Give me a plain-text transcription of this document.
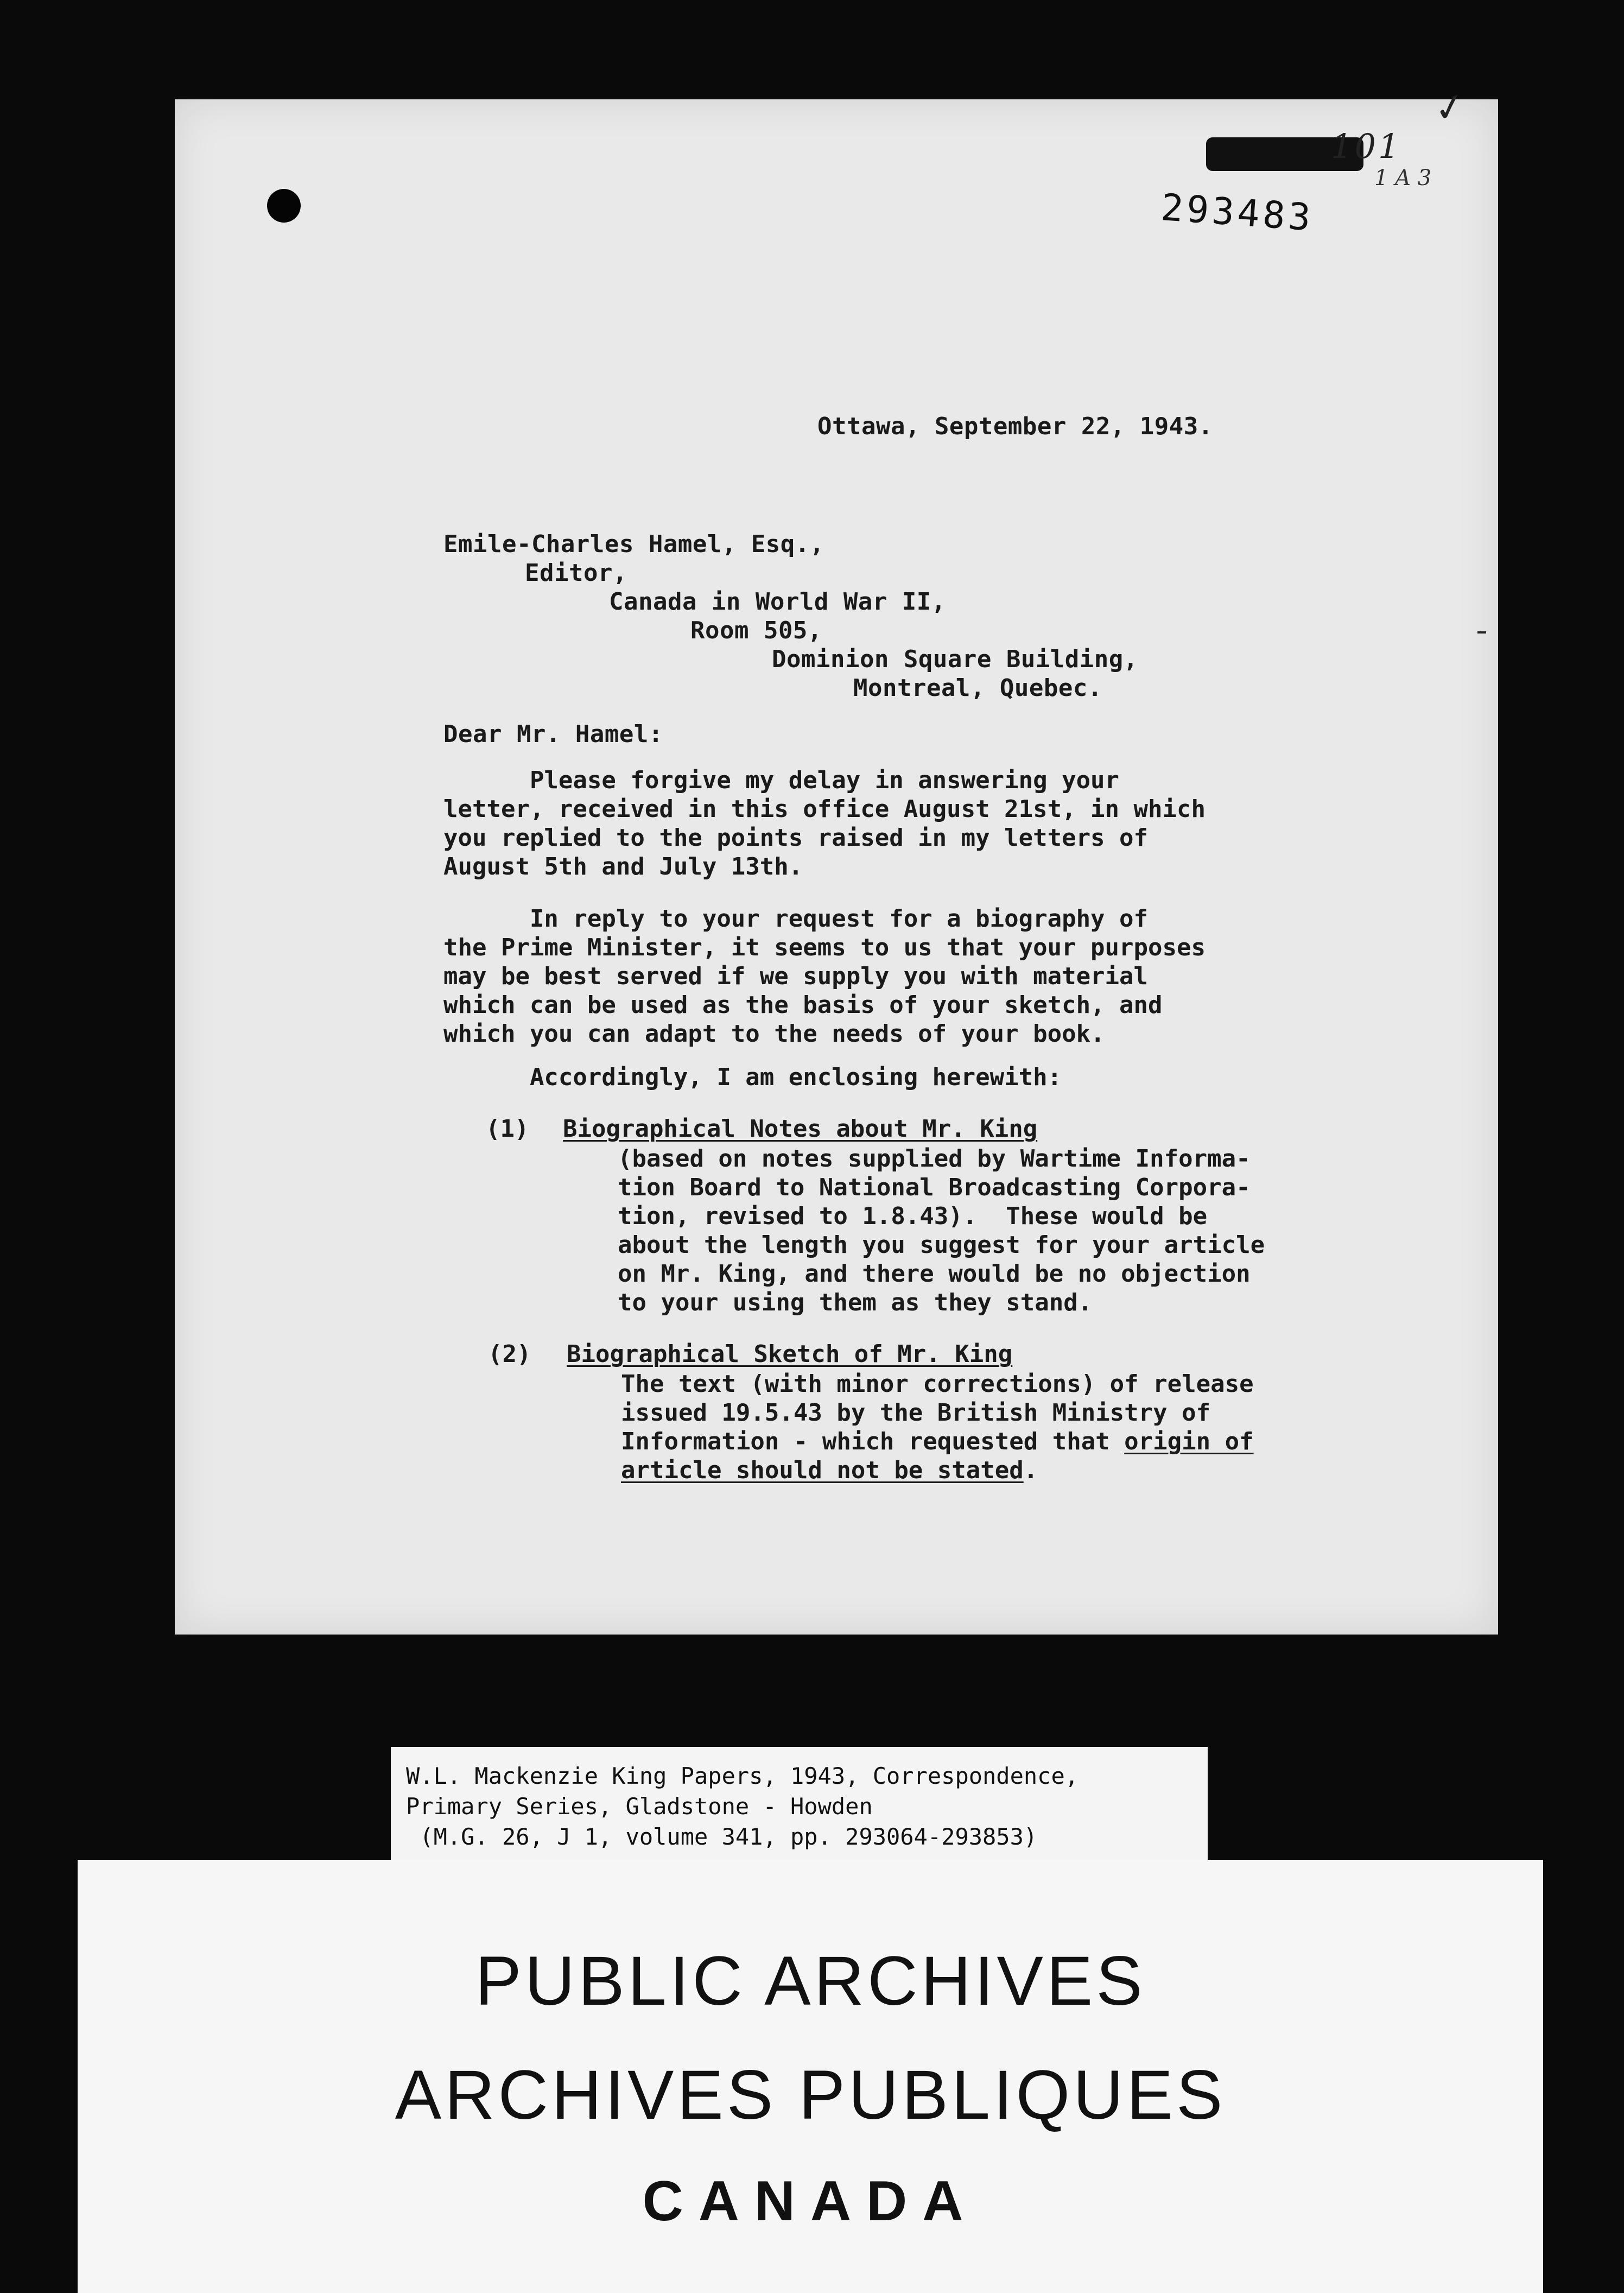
101
1 A 3
✓
293483
Ottawa, September 22, 1943.
Emile-Charles Hamel, Esq.,
Editor,
Canada in World War II,
Room 505,
Dominion Square Building,
Montreal, Quebec.
Dear Mr. Hamel:
Please forgive my delay in answering your
letter, received in this office August 21st, in which
you replied to the points raised in my letters of
August 5th and July 13th.
In reply to your request for a biography of
the Prime Minister, it seems to us that your purposes
may be best served if we supply you with material
which can be used as the basis of your sketch, and
which you can adapt to the needs of your book.
Accordingly, I am enclosing herewith:
(1) Biographical Notes about Mr. King
(based on notes supplied by Wartime Informa-
tion Board to National Broadcasting Corpora-
tion, revised to 1.8.43).  These would be
about the length you suggest for your article
on Mr. King, and there would be no objection
to your using them as they stand.
(2) Biographical Sketch of Mr. King
The text (with minor corrections) of release
issued 19.5.43 by the British Ministry of
Information - which requested that origin of
article should not be stated.
W.L. Mackenzie King Papers, 1943, Correspondence,
Primary Series, Gladstone - Howden
(M.G. 26, J 1, volume 341, pp. 293064-293853)
PUBLIC ARCHIVES
ARCHIVES PUBLIQUES
CANADA
